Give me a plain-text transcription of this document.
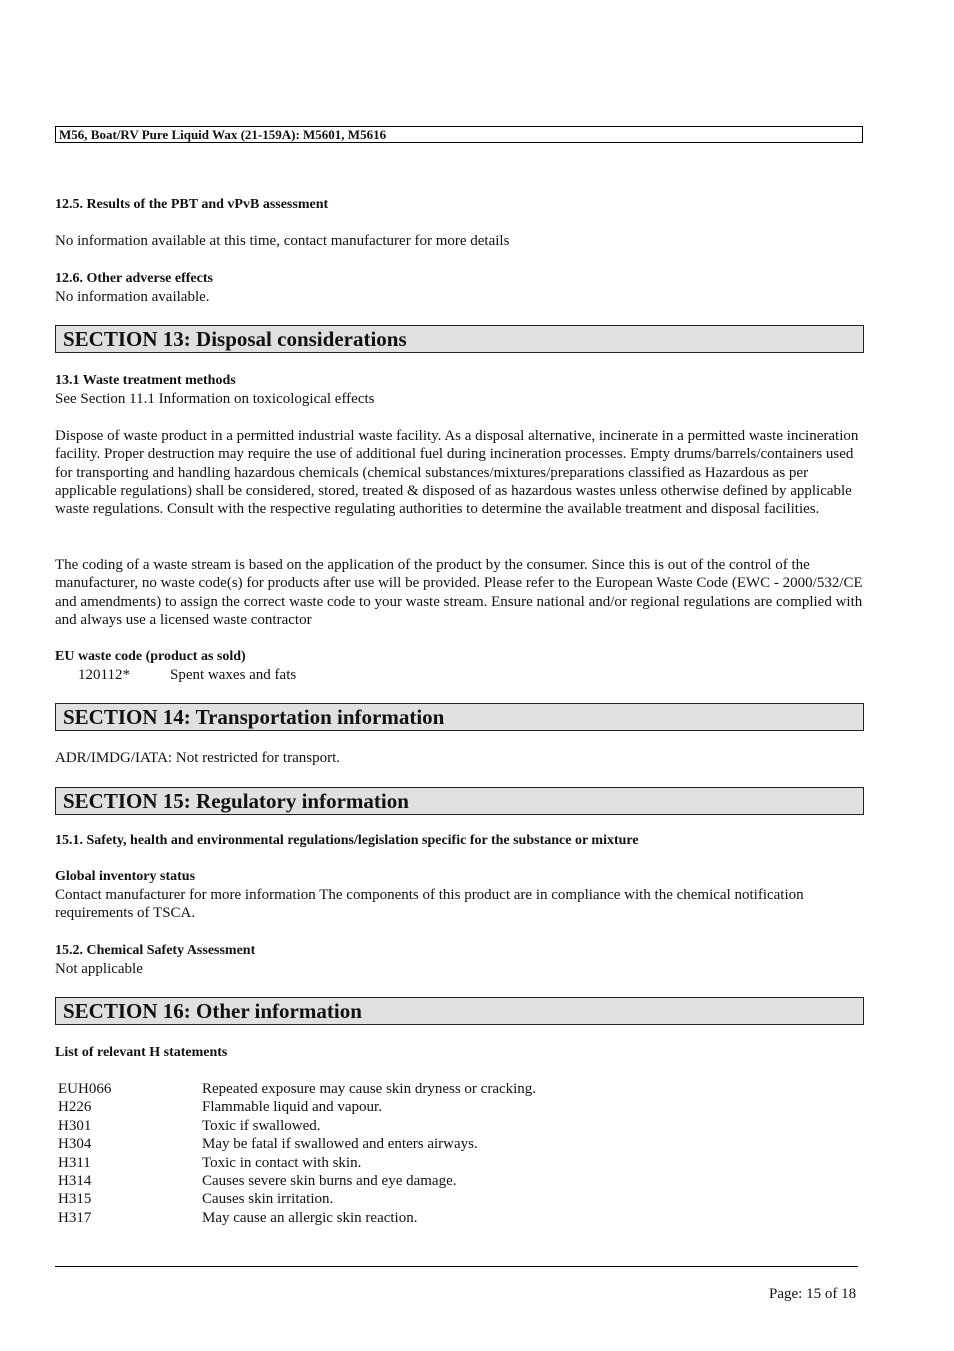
M56, Boat/RV Pure Liquid Wax (21-159A): M5601, M5616
12.5. Results of the PBT and vPvB assessment
No information available at this time, contact manufacturer for more details
12.6. Other adverse effects
No information available.
SECTION 13: Disposal considerations
13.1 Waste treatment methods
See Section 11.1 Information on toxicological effects
Dispose of waste product in a permitted industrial waste facility. As a disposal alternative, incinerate in a permitted waste incineration facility. Proper destruction may require the use of additional fuel during incineration processes. Empty drums/barrels/containers used for transporting and handling hazardous chemicals (chemical substances/mixtures/preparations classified as Hazardous as per applicable regulations) shall be considered, stored, treated & disposed of as hazardous wastes unless otherwise defined by applicable waste regulations. Consult with the respective regulating authorities to determine the available treatment and disposal facilities.
The coding of a waste stream is based on the application of the product by the consumer. Since this is out of the control of the manufacturer, no waste code(s) for products after use will be provided. Please refer to the European Waste Code (EWC - 2000/532/CE and amendments) to assign the correct waste code to your waste stream. Ensure national and/or regional regulations are complied with and always use a licensed waste contractor
EU waste code (product as sold)
120112*	Spent waxes and fats
SECTION 14: Transportation information
ADR/IMDG/IATA: Not restricted for transport.
SECTION 15: Regulatory information
15.1. Safety, health and environmental regulations/legislation specific for the substance or mixture
Global inventory status
Contact manufacturer for more information The components of this product are in compliance with the chemical notification requirements of TSCA.
15.2. Chemical Safety Assessment
Not applicable
SECTION 16: Other information
List of relevant H statements
EUH066	Repeated exposure may cause skin dryness or cracking.
H226	Flammable liquid and vapour.
H301	Toxic if swallowed.
H304	May be fatal if swallowed and enters airways.
H311	Toxic in contact with skin.
H314	Causes severe skin burns and eye damage.
H315	Causes skin irritation.
H317	May cause an allergic skin reaction.
Page: 15 of 18
